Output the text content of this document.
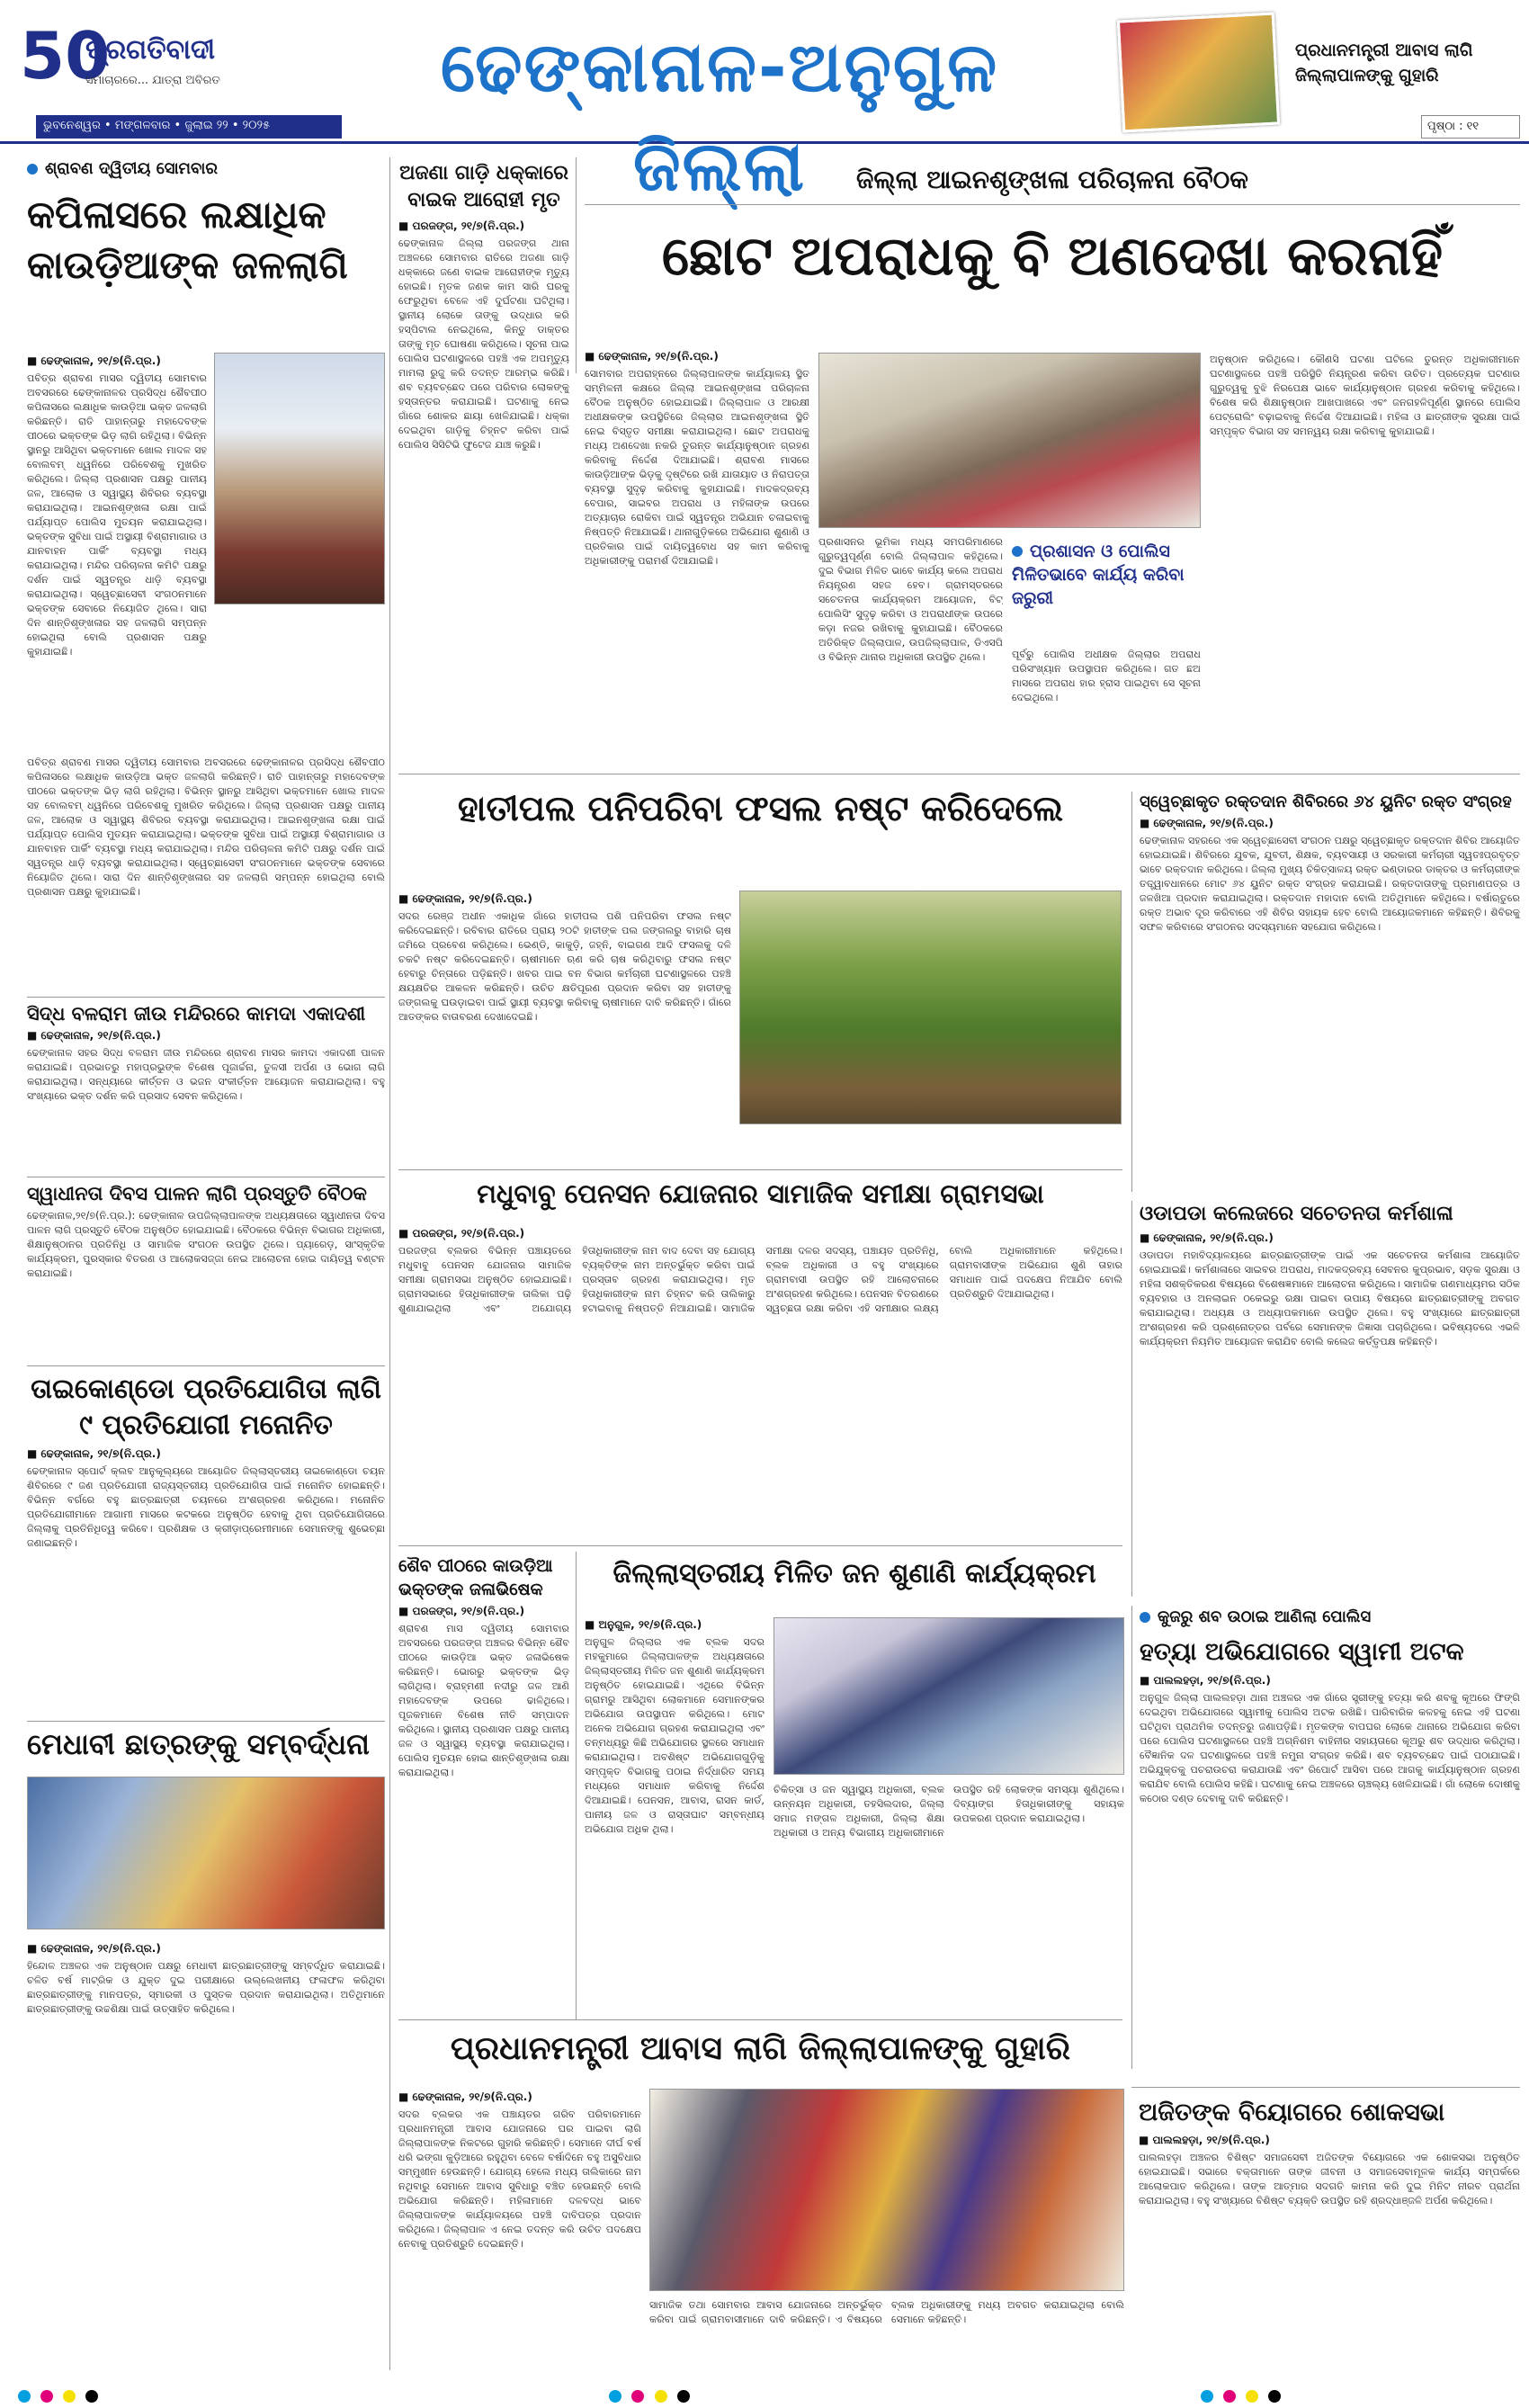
50
ପ୍ରଗତିବାଦୀ
ସମାଚାରରେ... ଯାତ୍ରା ଅବିରତ
ଭୁବନେଶ୍ୱର • ମଙ୍ଗଳବାର • ଜୁଲାଇ ୨୨ • ୨୦୨୫
ଢେଙ୍କାନାଳ-ଅନୁଗୁଳ ଜିଲ୍ଲା
ପ୍ରଧାନମନ୍ତ୍ରୀ ଆବାସ ଲାଗି ଜିଲ୍ଲାପାଳଙ୍କୁ ଗୁହାରି
ପୃଷ୍ଠା : ୧୧
ଶ୍ରାବଣ ଦ୍ୱିତୀୟ ସୋମବାର
କପିଳାସରେ ଲକ୍ଷାଧିକ କାଉଡ଼ିଆଙ୍କ ଜଳଲାଗି
■ ଢେଙ୍କାନାଳ, ୨୧/୭(ନି.ପ୍ର.)
ପବିତ୍ର ଶ୍ରାବଣ ମାସର ଦ୍ୱିତୀୟ ସୋମବାର ଅବସରରେ ଢେଙ୍କାନାଳର ପ୍ରସିଦ୍ଧ ଶୈବପୀଠ କପିଳାସରେ ଲକ୍ଷାଧିକ କାଉଡ଼ିଆ ଭକ୍ତ ଜଳଲାଗି କରିଛନ୍ତି। ରାତି ପାହାନ୍ତାରୁ ମହାଦେବଙ୍କ ପୀଠରେ ଭକ୍ତଙ୍କ ଭିଡ଼ ଲାଗି ରହିଥିଲା। ବିଭିନ୍ନ ସ୍ଥାନରୁ ଆସିଥିବା ଭକ୍ତମାନେ ଖୋଲ ମାଦଳ ସହ ବୋଲବମ୍ ଧ୍ୱନିରେ ପରିବେଶକୁ ମୁଖରିତ କରିଥିଲେ। ଜିଲ୍ଲା ପ୍ରଶାସନ ପକ୍ଷରୁ ପାନୀୟ ଜଳ, ଆଲୋକ ଓ ସ୍ୱାସ୍ଥ୍ୟ ଶିବିରର ବ୍ୟବସ୍ଥା କରାଯାଇଥିଲା। ଆଇନଶୃଙ୍ଖଳା ରକ୍ଷା ପାଇଁ ପର୍ଯ୍ୟାପ୍ତ ପୋଲିସ ମୁତୟନ କରାଯାଇଥିଲା। ଭକ୍ତଙ୍କ ସୁବିଧା ପାଇଁ ଅସ୍ଥାୟୀ ବିଶ୍ରାମାଗାର ଓ ଯାନବାହନ ପାର୍କିଂ ବ୍ୟବସ୍ଥା ମଧ୍ୟ କରାଯାଇଥିଲା। ମନ୍ଦିର ପରିଚାଳନା କମିଟି ପକ୍ଷରୁ ଦର୍ଶନ ପାଇଁ ସ୍ୱତନ୍ତ୍ର ଧାଡ଼ି ବ୍ୟବସ୍ଥା କରାଯାଇଥିଲା। ସ୍ୱେଚ୍ଛାସେବୀ ସଂଗଠନମାନେ ଭକ୍ତଙ୍କ ସେବାରେ ନିୟୋଜିତ ଥିଲେ। ସାରା ଦିନ ଶାନ୍ତିଶୃଙ୍ଖଳାର ସହ ଜଳଲାଗି ସମ୍ପନ୍ନ ହୋଇଥିଲା ବୋଲି ପ୍ରଶାସନ ପକ୍ଷରୁ କୁହାଯାଇଛି।
ପବିତ୍ର ଶ୍ରାବଣ ମାସର ଦ୍ୱିତୀୟ ସୋମବାର ଅବସରରେ ଢେଙ୍କାନାଳର ପ୍ରସିଦ୍ଧ ଶୈବପୀଠ କପିଳାସରେ ଲକ୍ଷାଧିକ କାଉଡ଼ିଆ ଭକ୍ତ ଜଳଲାଗି କରିଛନ୍ତି। ରାତି ପାହାନ୍ତାରୁ ମହାଦେବଙ୍କ ପୀଠରେ ଭକ୍ତଙ୍କ ଭିଡ଼ ଲାଗି ରହିଥିଲା। ବିଭିନ୍ନ ସ୍ଥାନରୁ ଆସିଥିବା ଭକ୍ତମାନେ ଖୋଲ ମାଦଳ ସହ ବୋଲବମ୍ ଧ୍ୱନିରେ ପରିବେଶକୁ ମୁଖରିତ କରିଥିଲେ। ଜିଲ୍ଲା ପ୍ରଶାସନ ପକ୍ଷରୁ ପାନୀୟ ଜଳ, ଆଲୋକ ଓ ସ୍ୱାସ୍ଥ୍ୟ ଶିବିରର ବ୍ୟବସ୍ଥା କରାଯାଇଥିଲା। ଆଇନଶୃଙ୍ଖଳା ରକ୍ଷା ପାଇଁ ପର୍ଯ୍ୟାପ୍ତ ପୋଲିସ ମୁତୟନ କରାଯାଇଥିଲା। ଭକ୍ତଙ୍କ ସୁବିଧା ପାଇଁ ଅସ୍ଥାୟୀ ବିଶ୍ରାମାଗାର ଓ ଯାନବାହନ ପାର୍କିଂ ବ୍ୟବସ୍ଥା ମଧ୍ୟ କରାଯାଇଥିଲା। ମନ୍ଦିର ପରିଚାଳନା କମିଟି ପକ୍ଷରୁ ଦର୍ଶନ ପାଇଁ ସ୍ୱତନ୍ତ୍ର ଧାଡ଼ି ବ୍ୟବସ୍ଥା କରାଯାଇଥିଲା। ସ୍ୱେଚ୍ଛାସେବୀ ସଂଗଠନମାନେ ଭକ୍ତଙ୍କ ସେବାରେ ନିୟୋଜିତ ଥିଲେ। ସାରା ଦିନ ଶାନ୍ତିଶୃଙ୍ଖଳାର ସହ ଜଳଲାଗି ସମ୍ପନ୍ନ ହୋଇଥିଲା ବୋଲି ପ୍ରଶାସନ ପକ୍ଷରୁ କୁହାଯାଇଛି।
ସିଦ୍ଧ ବଳରାମ ଜୀଉ ମନ୍ଦିରରେ କାମଦା ଏକାଦଶୀ
■ ଢେଙ୍କାନାଳ, ୨୧/୭(ନି.ପ୍ର.)
ଢେଙ୍କାନାଳ ସହର ସିଦ୍ଧ ବଳରାମ ଜୀଉ ମନ୍ଦିରରେ ଶ୍ରାବଣ ମାସର କାମଦା ଏକାଦଶୀ ପାଳନ କରାଯାଇଛି। ପ୍ରଭାତରୁ ମହାପ୍ରଭୁଙ୍କ ବିଶେଷ ପୂଜାର୍ଚ୍ଚନା, ତୁଳସୀ ଅର୍ପଣ ଓ ଭୋଗ ଲାଗି କରାଯାଇଥିଲା। ସନ୍ଧ୍ୟାରେ କୀର୍ତ୍ତନ ଓ ଭଜନ ସଂକୀର୍ତ୍ତନ ଆୟୋଜନ କରାଯାଇଥିଲା। ବହୁ ସଂଖ୍ୟାରେ ଭକ୍ତ ଦର୍ଶନ କରି ପ୍ରସାଦ ସେବନ କରିଥିଲେ।
ସ୍ୱାଧୀନତା ଦିବସ ପାଳନ ଲାଗି ପ୍ରସ୍ତୁତି ବୈଠକ
ଢେଙ୍କାନାଳ,୨୧/୭(ନି.ପ୍ର.): ଢେଙ୍କାନାଳ ଉପଜିଲ୍ଲାପାଳଙ୍କ ଅଧ୍ୟକ୍ଷତାରେ ସ୍ୱାଧୀନତା ଦିବସ ପାଳନ ଲାଗି ପ୍ରସ୍ତୁତି ବୈଠକ ଅନୁଷ୍ଠିତ ହୋଇଯାଇଛି। ବୈଠକରେ ବିଭିନ୍ନ ବିଭାଗର ଅଧିକାରୀ, ଶିକ୍ଷାନୁଷ୍ଠାନର ପ୍ରତିନିଧି ଓ ସାମାଜିକ ସଂଗଠନ ଉପସ୍ଥିତ ଥିଲେ। ପ୍ୟାରେଡ଼, ସାଂସ୍କୃତିକ କାର୍ଯ୍ୟକ୍ରମ, ପୁରସ୍କାର ବିତରଣ ଓ ଆଲୋକସଜ୍ଜା ନେଇ ଆଲୋଚନା ହୋଇ ଦାୟିତ୍ୱ ବଣ୍ଟନ କରାଯାଇଛି।
ତାଇକୋଣ୍ଡୋ ପ୍ରତିଯୋଗିତା ଲାଗି ୯ ପ୍ରତିଯୋଗୀ ମନୋନିତ
■ ଢେଙ୍କାନାଳ, ୨୧/୭(ନି.ପ୍ର.)
ଢେଙ୍କାନାଳ ସ୍ପୋର୍ଟ କ୍ଲବ ଆନୁକୂଲ୍ୟରେ ଆୟୋଜିତ ଜିଲ୍ଲାସ୍ତରୀୟ ତାଇକୋଣ୍ଡୋ ଚୟନ ଶିବିରରେ ୯ ଜଣ ପ୍ରତିଯୋଗୀ ରାଜ୍ୟସ୍ତରୀୟ ପ୍ରତିଯୋଗିତା ପାଇଁ ମନୋନିତ ହୋଇଛନ୍ତି। ବିଭିନ୍ନ ବର୍ଗରେ ବହୁ ଛାତ୍ରଛାତ୍ରୀ ଚୟନରେ ଅଂଶଗ୍ରହଣ କରିଥିଲେ। ମନୋନିତ ପ୍ରତିଯୋଗୀମାନେ ଆଗାମୀ ମାସରେ କଟକରେ ଅନୁଷ୍ଠିତ ହେବାକୁ ଥିବା ପ୍ରତିଯୋଗିତାରେ ଜିଲ୍ଲାକୁ ପ୍ରତିନିଧିତ୍ୱ କରିବେ। ପ୍ରଶିକ୍ଷକ ଓ କ୍ରୀଡ଼ାପ୍ରେମୀମାନେ ସେମାନଙ୍କୁ ଶୁଭେଚ୍ଛା ଜଣାଇଛନ୍ତି।
ମେଧାବୀ ଛାତ୍ରଙ୍କୁ ସମ୍ବର୍ଦ୍ଧନା
■ ଢେଙ୍କାନାଳ, ୨୧/୭(ନି.ପ୍ର.)
ହିନ୍ଦୋଳ ଅଞ୍ଚଳର ଏକ ଅନୁଷ୍ଠାନ ପକ୍ଷରୁ ମେଧାବୀ ଛାତ୍ରଛାତ୍ରୀଙ୍କୁ ସମ୍ବର୍ଦ୍ଧିତ କରାଯାଇଛି। ଚଳିତ ବର୍ଷ ମାଟ୍ରିକ ଓ ଯୁକ୍ତ ଦୁଇ ପରୀକ୍ଷାରେ ଉଲ୍ଲେଖନୀୟ ଫଳାଫଳ କରିଥିବା ଛାତ୍ରଛାତ୍ରୀଙ୍କୁ ମାନପତ୍ର, ସ୍ମାରକୀ ଓ ପୁସ୍ତକ ପ୍ରଦାନ କରାଯାଇଥିଲା। ଅତିଥିମାନେ ଛାତ୍ରଛାତ୍ରୀଙ୍କୁ ଉଚ୍ଚଶିକ୍ଷା ପାଇଁ ଉତ୍ସାହିତ କରିଥିଲେ।
ଅଜଣା ଗାଡ଼ି ଧକ୍କାରେ ବାଇକ ଆରୋହୀ ମୃତ
■ ପରଜଙ୍ଗ, ୨୧/୭(ନି.ପ୍ର.)
ଢେଙ୍କାନାଳ ଜିଲ୍ଲା ପରଜଙ୍ଗ ଥାନା ଅଞ୍ଚଳରେ ସୋମବାର ରାତିରେ ଅଜଣା ଗାଡ଼ି ଧକ୍କାରେ ଜଣେ ବାଇକ ଆରୋହୀଙ୍କ ମୃତ୍ୟୁ ହୋଇଛି। ମୃତକ ଜଣକ କାମ ସାରି ଘରକୁ ଫେରୁଥିବା ବେଳେ ଏହି ଦୁର୍ଘଟଣା ଘଟିଥିଲା। ସ୍ଥାନୀୟ ଲୋକେ ତାଙ୍କୁ ଉଦ୍ଧାର କରି ହସ୍ପିଟାଲ ନେଇଥିଲେ, କିନ୍ତୁ ଡାକ୍ତର ତାଙ୍କୁ ମୃତ ଘୋଷଣା କରିଥିଲେ। ସୂଚନା ପାଇ ପୋଲିସ ଘଟଣାସ୍ଥଳରେ ପହଞ୍ଚି ଏକ ଅପମୃତ୍ୟୁ ମାମଲା ରୁଜୁ କରି ତଦନ୍ତ ଆରମ୍ଭ କରିଛି। ଶବ ବ୍ୟବଚ୍ଛେଦ ପରେ ପରିବାର ଲୋକଙ୍କୁ ହସ୍ତାନ୍ତର କରାଯାଇଛି। ଘଟଣାକୁ ନେଇ ଗାଁରେ ଶୋକର ଛାୟା ଖେଳିଯାଇଛି। ଧକ୍କା ଦେଇଥିବା ଗାଡ଼ିକୁ ଚିହ୍ନଟ କରିବା ପାଇଁ ପୋଲିସ ସିସିଟିଭି ଫୁଟେଜ ଯାଞ୍ଚ କରୁଛି।
ଜିଲ୍ଲା ଆଇନଶୃଙ୍ଖଳା ପରିଚାଳନା ବୈଠକ
ଛୋଟ ଅପରାଧକୁ ବି ଅଣଦେଖା କରନାହିଁ
■ ଢେଙ୍କାନାଳ, ୨୧/୭(ନି.ପ୍ର.)
ସୋମବାର ଅପରାହ୍ନରେ ଜିଲ୍ଲାପାଳଙ୍କ କାର୍ଯ୍ୟାଳୟ ସ୍ଥିତ ସମ୍ମିଳନୀ କକ୍ଷରେ ଜିଲ୍ଲା ଆଇନଶୃଙ୍ଖଳା ପରିଚାଳନା ବୈଠକ ଅନୁଷ୍ଠିତ ହୋଇଯାଇଛି। ଜିଲ୍ଲାପାଳ ଓ ଆରକ୍ଷୀ ଅଧୀକ୍ଷକଙ୍କ ଉପସ୍ଥିତିରେ ଜିଲ୍ଲାର ଆଇନଶୃଙ୍ଖଳା ସ୍ଥିତି ନେଇ ବିସ୍ତୃତ ସମୀକ୍ଷା କରାଯାଇଥିଲା। ଛୋଟ ଅପରାଧକୁ ମଧ୍ୟ ଅଣଦେଖା ନକରି ତୁରନ୍ତ କାର୍ଯ୍ୟାନୁଷ୍ଠାନ ଗ୍ରହଣ କରିବାକୁ ନିର୍ଦ୍ଦେଶ ଦିଆଯାଇଛି। ଶ୍ରାବଣ ମାସରେ କାଉଡ଼ିଆଙ୍କ ଭିଡ଼କୁ ଦୃଷ୍ଟିରେ ରଖି ଯାତାୟାତ ଓ ନିରାପତ୍ତା ବ୍ୟବସ୍ଥା ସୁଦୃଢ଼ କରିବାକୁ କୁହାଯାଇଛି। ମାଦକଦ୍ରବ୍ୟ ବେପାର, ସାଇବର ଅପରାଧ ଓ ମହିଳାଙ୍କ ଉପରେ ଅତ୍ୟାଚାର ରୋକିବା ପାଇଁ ସ୍ୱତନ୍ତ୍ର ଅଭିଯାନ ଚଳାଇବାକୁ ନିଷ୍ପତ୍ତି ନିଆଯାଇଛି। ଥାନାଗୁଡ଼ିକରେ ଅଭିଯୋଗ ଶୁଣାଣି ଓ ପ୍ରତିକାର ପାଇଁ ଦାୟିତ୍ୱବୋଧ ସହ କାମ କରିବାକୁ ଅଧିକାରୀଙ୍କୁ ପରାମର୍ଶ ଦିଆଯାଇଛି।
ପ୍ରଶାସନର ଭୂମିକା ମଧ୍ୟ ସମପରିମାଣରେ ଗୁରୁତ୍ୱପୂର୍ଣ୍ଣ ବୋଲି ଜିଲ୍ଲାପାଳ କହିଥିଲେ। ଦୁଇ ବିଭାଗ ମିଳିତ ଭାବେ କାର୍ଯ୍ୟ କଲେ ଅପରାଧ ନିୟନ୍ତ୍ରଣ ସହଜ ହେବ। ଗ୍ରାମସ୍ତରରେ ସଚେତନତା କାର୍ଯ୍ୟକ୍ରମ ଆୟୋଜନ, ବିଟ୍ ପୋଲିସିଂ ସୁଦୃଢ଼ କରିବା ଓ ଅପରାଧୀଙ୍କ ଉପରେ କଡ଼ା ନଜର ରଖିବାକୁ କୁହାଯାଇଛି। ବୈଠକରେ ଅତିରିକ୍ତ ଜିଲ୍ଲାପାଳ, ଉପଜିଲ୍ଲାପାଳ, ଡିଏସପି ଓ ବିଭିନ୍ନ ଥାନାର ଅଧିକାରୀ ଉପସ୍ଥିତ ଥିଲେ।
ପ୍ରଶାସନ ଓ ପୋଲିସ ମିଳିତଭାବେ କାର୍ଯ୍ୟ କରିବା ଜରୁରୀ
ପୂର୍ବରୁ ପୋଲିସ ଅଧୀକ୍ଷକ ଜିଲ୍ଲାର ଅପରାଧ ପରିସଂଖ୍ୟାନ ଉପସ୍ଥାପନ କରିଥିଲେ। ଗତ ଛଅ ମାସରେ ଅପରାଧ ହାର ହ୍ରାସ ପାଇଥିବା ସେ ସୂଚନା ଦେଇଥିଲେ।
ଅନୁଷ୍ଠାନ କରିଥିଲେ। କୌଣସି ଘଟଣା ଘଟିଲେ ତୁରନ୍ତ ଅଧିକାରୀମାନେ ଘଟଣାସ୍ଥଳରେ ପହଞ୍ଚି ପରିସ୍ଥିତି ନିୟନ୍ତ୍ରଣ କରିବା ଉଚିତ। ପ୍ରତ୍ୟେକ ଘଟଣାର ଗୁରୁତ୍ୱକୁ ବୁଝି ନିରପେକ୍ଷ ଭାବେ କାର୍ଯ୍ୟାନୁଷ୍ଠାନ ଗ୍ରହଣ କରିବାକୁ କହିଥିଲେ। ବିଶେଷ କରି ଶିକ୍ଷାନୁଷ୍ଠାନ ଆଖପାଖରେ ଏବଂ ଜନଗହଳିପୂର୍ଣ୍ଣ ସ୍ଥାନରେ ପୋଲିସ ପେଟ୍ରୋଲିଂ ବଢ଼ାଇବାକୁ ନିର୍ଦ୍ଦେଶ ଦିଆଯାଇଛି। ମହିଳା ଓ ଛାତ୍ରୀଙ୍କ ସୁରକ୍ଷା ପାଇଁ ସମ୍ପୃକ୍ତ ବିଭାଗ ସହ ସମନ୍ୱୟ ରକ୍ଷା କରିବାକୁ କୁହାଯାଇଛି।
ହାତୀପଲ ପନିପରିବା ଫସଲ ନଷ୍ଟ କରିଦେଲେ
■ ଢେଙ୍କାନାଳ, ୨୧/୭(ନି.ପ୍ର.)
ସଦର ରେଞ୍ଜ ଅଧୀନ ଏକାଧିକ ଗାଁରେ ହାତୀପଲ ପଶି ପନିପରିବା ଫସଲ ନଷ୍ଟ କରିଦେଇଛନ୍ତି। ରବିବାର ରାତିରେ ପ୍ରାୟ ୨୦ଟି ହାତୀଙ୍କ ପଲ ଜଙ୍ଗଲରୁ ବାହାରି ଚାଷ ଜମିରେ ପ୍ରବେଶ କରିଥିଲେ। ଭେଣ୍ଡି, କାକୁଡ଼ି, ଜହ୍ନି, ବାଇଗଣ ଆଦି ଫସଲକୁ ଦଳି ଚକଟି ନଷ୍ଟ କରିଦେଇଛନ୍ତି। ଚାଷୀମାନେ ଋଣ କରି ଚାଷ କରିଥିବାରୁ ଫସଲ ନଷ୍ଟ ହେବାରୁ ଚିନ୍ତାରେ ପଡ଼ିଛନ୍ତି। ଖବର ପାଇ ବନ ବିଭାଗ କର୍ମଚାରୀ ଘଟଣାସ୍ଥଳରେ ପହଞ୍ଚି କ୍ଷୟକ୍ଷତିର ଆକଳନ କରିଛନ୍ତି। ଉଚିତ କ୍ଷତିପୂରଣ ପ୍ରଦାନ କରିବା ସହ ହାତୀଙ୍କୁ ଜଙ୍ଗଲକୁ ଘଉଡ଼ାଇବା ପାଇଁ ସ୍ଥାୟୀ ବ୍ୟବସ୍ଥା କରିବାକୁ ଚାଷୀମାନେ ଦାବି କରିଛନ୍ତି। ଗାଁରେ ଆତଙ୍କର ବାତାବରଣ ଦେଖାଦେଇଛି।
ସ୍ୱେଚ୍ଛାକୃତ ରକ୍ତଦାନ ଶିବିରରେ ୬୪ ୟୁନିଟ ରକ୍ତ ସଂଗ୍ରହ
■ ଢେଙ୍କାନାଳ, ୨୧/୭(ନି.ପ୍ର.)
ଢେଙ୍କାନାଳ ସହରରେ ଏକ ସ୍ୱେଚ୍ଛାସେବୀ ସଂଗଠନ ପକ୍ଷରୁ ସ୍ୱେଚ୍ଛାକୃତ ରକ୍ତଦାନ ଶିବିର ଆୟୋଜିତ ହୋଇଯାଇଛି। ଶିବିରରେ ଯୁବକ, ଯୁବତୀ, ଶିକ୍ଷକ, ବ୍ୟବସାୟୀ ଓ ସରକାରୀ କର୍ମଚାରୀ ସ୍ୱତଃପ୍ରବୃତ୍ତ ଭାବେ ରକ୍ତଦାନ କରିଥିଲେ। ଜିଲ୍ଲା ମୁଖ୍ୟ ଚିକିତ୍ସାଳୟ ରକ୍ତ ଭଣ୍ଡାରର ଡାକ୍ତର ଓ କର୍ମଚାରୀଙ୍କ ତତ୍ତ୍ୱାବଧାନରେ ମୋଟ ୬୪ ୟୁନିଟ ରକ୍ତ ସଂଗ୍ରହ କରାଯାଇଛି। ରକ୍ତଦାତାଙ୍କୁ ପ୍ରମାଣପତ୍ର ଓ ଜଳଖିଆ ପ୍ରଦାନ କରାଯାଇଥିଲା। ରକ୍ତଦାନ ମହାଦାନ ବୋଲି ଅତିଥିମାନେ କହିଥିଲେ। ବର୍ଷାଋତୁରେ ରକ୍ତ ଅଭାବ ଦୂର କରିବାରେ ଏହି ଶିବିର ସହାୟକ ହେବ ବୋଲି ଆୟୋଜକମାନେ କହିଛନ୍ତି। ଶିବିରକୁ ସଫଳ କରିବାରେ ସଂଗଠନର ସଦସ୍ୟମାନେ ସହଯୋଗ କରିଥିଲେ।
ମଧୁବାବୁ ପେନସନ ଯୋଜନାର ସାମାଜିକ ସମୀକ୍ଷା ଗ୍ରାମସଭା
■ ପରଜଙ୍ଗ, ୨୧/୭(ନି.ପ୍ର.)
ପରଜଙ୍ଗ ବ୍ଲକର ବିଭିନ୍ନ ପଞ୍ଚାୟତରେ ମଧୁବାବୁ ପେନସନ ଯୋଜନାର ସାମାଜିକ ସମୀକ୍ଷା ଗ୍ରାମସଭା ଅନୁଷ୍ଠିତ ହୋଇଯାଇଛି। ଗ୍ରାମସଭାରେ ହିତାଧିକାରୀଙ୍କ ତାଲିକା ପଢ଼ି ଶୁଣାଯାଇଥିଲା ଏବଂ ଅଯୋଗ୍ୟ ହିତାଧିକାରୀଙ୍କ ନାମ ବାଦ ଦେବା ସହ ଯୋଗ୍ୟ ବ୍ୟକ୍ତିଙ୍କ ନାମ ଅନ୍ତର୍ଭୁକ୍ତ କରିବା ପାଇଁ ପ୍ରସ୍ତାବ ଗ୍ରହଣ କରାଯାଇଥିଲା। ମୃତ ହିତାଧିକାରୀଙ୍କ ନାମ ଚିହ୍ନଟ କରି ତାଲିକାରୁ ହଟାଇବାକୁ ନିଷ୍ପତ୍ତି ନିଆଯାଇଛି। ସାମାଜିକ ସମୀକ୍ଷା ଦଳର ସଦସ୍ୟ, ପଞ୍ଚାୟତ ପ୍ରତିନିଧି, ବ୍ଲକ ଅଧିକାରୀ ଓ ବହୁ ସଂଖ୍ୟାରେ ଗ୍ରାମବାସୀ ଉପସ୍ଥିତ ରହି ଆଲୋଚନାରେ ଅଂଶଗ୍ରହଣ କରିଥିଲେ। ପେନସନ ବିତରଣରେ ସ୍ୱଚ୍ଛତା ରକ୍ଷା କରିବା ଏହି ସମୀକ୍ଷାର ଲକ୍ଷ୍ୟ ବୋଲି ଅଧିକାରୀମାନେ କହିଥିଲେ। ଗ୍ରାମବାସୀଙ୍କ ଅଭିଯୋଗ ଶୁଣି ତାହାର ସମାଧାନ ପାଇଁ ପଦକ୍ଷେପ ନିଆଯିବ ବୋଲି ପ୍ରତିଶ୍ରୁତି ଦିଆଯାଇଥିଲା।
ଓଡାପଡା କଲେଜରେ ସଚେତନତା କର୍ମଶାଳା
■ ଢେଙ୍କାନାଳ, ୨୧/୭(ନି.ପ୍ର.)
ଓଡାପଡା ମହାବିଦ୍ୟାଳୟରେ ଛାତ୍ରଛାତ୍ରୀଙ୍କ ପାଇଁ ଏକ ସଚେତନତା କର୍ମଶାଳା ଆୟୋଜିତ ହୋଇଯାଇଛି। କର୍ମଶାଳାରେ ସାଇବର ଅପରାଧ, ମାଦକଦ୍ରବ୍ୟ ସେବନର କୁପ୍ରଭାବ, ସଡ଼କ ସୁରକ୍ଷା ଓ ମହିଳା ସଶକ୍ତିକରଣ ବିଷୟରେ ବିଶେଷଜ୍ଞମାନେ ଆଲୋଚନା କରିଥିଲେ। ସାମାଜିକ ଗଣମାଧ୍ୟମର ସଠିକ ବ୍ୟବହାର ଓ ଅନଲାଇନ ଠକେଇରୁ ରକ୍ଷା ପାଇବା ଉପାୟ ବିଷୟରେ ଛାତ୍ରଛାତ୍ରୀଙ୍କୁ ଅବଗତ କରାଯାଇଥିଲା। ଅଧ୍ୟକ୍ଷ ଓ ଅଧ୍ୟାପକମାନେ ଉପସ୍ଥିତ ଥିଲେ। ବହୁ ସଂଖ୍ୟାରେ ଛାତ୍ରଛାତ୍ରୀ ଅଂଶଗ୍ରହଣ କରି ପ୍ରଶ୍ନୋତ୍ତର ପର୍ବରେ ସେମାନଙ୍କ ଜିଜ୍ଞାସା ପଚାରିଥିଲେ। ଭବିଷ୍ୟତରେ ଏଭଳି କାର୍ଯ୍ୟକ୍ରମ ନିୟମିତ ଆୟୋଜନ କରାଯିବ ବୋଲି କଲେଜ କର୍ତ୍ତୃପକ୍ଷ କହିଛନ୍ତି।
ଶୈବ ପୀଠରେ କାଉଡ଼ିଆ ଭକ୍ତଙ୍କ ଜଳାଭିଷେକ
■ ପରଜଙ୍ଗ, ୨୧/୭(ନି.ପ୍ର.)
ଶ୍ରାବଣ ମାସ ଦ୍ୱିତୀୟ ସୋମବାର ଅବସରରେ ପରଜଙ୍ଗ ଅଞ୍ଚଳର ବିଭିନ୍ନ ଶୈବ ପୀଠରେ କାଉଡ଼ିଆ ଭକ୍ତ ଜଳାଭିଷେକ କରିଛନ୍ତି। ଭୋରରୁ ଭକ୍ତଙ୍କ ଭିଡ଼ ଲାଗିଥିଲା। ବ୍ରାହ୍ମଣୀ ନଦୀରୁ ଜଳ ଆଣି ମହାଦେବଙ୍କ ଉପରେ ଢାଳିଥିଲେ। ପୂଜକମାନେ ବିଶେଷ ନୀତି ସମ୍ପାଦନ କରିଥିଲେ। ସ୍ଥାନୀୟ ପ୍ରଶାସନ ପକ୍ଷରୁ ପାନୀୟ ଜଳ ଓ ସ୍ୱାସ୍ଥ୍ୟ ବ୍ୟବସ୍ଥା କରାଯାଇଥିଲା। ପୋଲିସ ମୁତୟନ ହୋଇ ଶାନ୍ତିଶୃଙ୍ଖଳା ରକ୍ଷା କରାଯାଇଥିଲା।
ଜିଲ୍ଲାସ୍ତରୀୟ ମିଳିତ ଜନ ଶୁଣାଣି କାର୍ଯ୍ୟକ୍ରମ
■ ଅନୁଗୁଳ, ୨୧/୭(ନି.ପ୍ର.)
ଅନୁଗୁଳ ଜିଲ୍ଲାର ଏକ ବ୍ଲକ ସଦର ମହକୁମାରେ ଜିଲ୍ଲାପାଳଙ୍କ ଅଧ୍ୟକ୍ଷତାରେ ଜିଲ୍ଲାସ୍ତରୀୟ ମିଳିତ ଜନ ଶୁଣାଣି କାର୍ଯ୍ୟକ୍ରମ ଅନୁଷ୍ଠିତ ହୋଇଯାଇଛି। ଏଥିରେ ବିଭିନ୍ନ ଗ୍ରାମରୁ ଆସିଥିବା ଲୋକମାନେ ସେମାନଙ୍କର ଅଭିଯୋଗ ଉପସ୍ଥାପନ କରିଥିଲେ। ମୋଟ ଅନେକ ଅଭିଯୋଗ ଗ୍ରହଣ କରାଯାଇଥିଲା ଏବଂ ତନ୍ମଧ୍ୟରୁ କିଛି ଅଭିଯୋଗର ସ୍ଥଳରେ ସମାଧାନ କରାଯାଇଥିଲା। ଅବଶିଷ୍ଟ ଅଭିଯୋଗଗୁଡ଼ିକୁ ସମ୍ପୃକ୍ତ ବିଭାଗକୁ ପଠାଇ ନିର୍ଦ୍ଧାରିତ ସମୟ ମଧ୍ୟରେ ସମାଧାନ କରିବାକୁ ନିର୍ଦ୍ଦେଶ ଦିଆଯାଇଛି। ପେନସନ, ଆବାସ, ରାସନ କାର୍ଡ, ପାନୀୟ ଜଳ ଓ ରାସ୍ତାଘାଟ ସମ୍ବନ୍ଧୀୟ ଅଭିଯୋଗ ଅଧିକ ଥିଲା।
ଚିକିତ୍ସା ଓ ଜନ ସ୍ୱାସ୍ଥ୍ୟ ଅଧିକାରୀ, ବ୍ଲକ ଉନ୍ନୟନ ଅଧିକାରୀ, ତହସିଲଦାର, ଜିଲ୍ଲା ସମାଜ ମଙ୍ଗଳ ଅଧିକାରୀ, ଜିଲ୍ଲା ଶିକ୍ଷା ଅଧିକାରୀ ଓ ଅନ୍ୟ ବିଭାଗୀୟ ଅଧିକାରୀମାନେ ଉପସ୍ଥିତ ରହି ଲୋକଙ୍କ ସମସ୍ୟା ଶୁଣିଥିଲେ। ଦିବ୍ୟାଙ୍ଗ ହିତାଧିକାରୀଙ୍କୁ ସହାୟକ ଉପକରଣ ପ୍ରଦାନ କରାଯାଇଥିଲା।
କୁଜରୁ ଶବ ଉଠାଇ ଆଣିଲା ପୋଲିସ
ହତ୍ୟା ଅଭିଯୋଗରେ ସ୍ୱାମୀ ଅଟକ
■ ପାଲଲହଡ଼ା, ୨୧/୭(ନି.ପ୍ର.)
ଅନୁଗୁଳ ଜିଲ୍ଲା ପାଲଲହଡ଼ା ଥାନା ଅଞ୍ଚଳର ଏକ ଗାଁରେ ସ୍ତ୍ରୀଙ୍କୁ ହତ୍ୟା କରି ଶବକୁ କୂଅରେ ଫିଙ୍ଗି ଦେଇଥିବା ଅଭିଯୋଗରେ ସ୍ୱାମୀକୁ ପୋଲିସ ଅଟକ ରଖିଛି। ପାରିବାରିକ କଳହକୁ ନେଇ ଏହି ଘଟଣା ଘଟିଥିବା ପ୍ରାଥମିକ ତଦନ୍ତରୁ ଜଣାପଡ଼ିଛି। ମୃତକଙ୍କ ବାପଘର ଲୋକେ ଥାନାରେ ଅଭିଯୋଗ କରିବା ପରେ ପୋଲିସ ଘଟଣାସ୍ଥଳରେ ପହଞ୍ଚି ଅଗ୍ନିଶମ ବାହିନୀର ସହାୟତାରେ କୂଅରୁ ଶବ ଉଦ୍ଧାର କରିଥିଲା। ବୈଜ୍ଞାନିକ ଦଳ ଘଟଣାସ୍ଥଳରେ ପହଞ୍ଚି ନମୁନା ସଂଗ୍ରହ କରିଛି। ଶବ ବ୍ୟବଚ୍ଛେଦ ପାଇଁ ପଠାଯାଇଛି। ଅଭିଯୁକ୍ତକୁ ପଚରାଉଚରା କରାଯାଉଛି ଏବଂ ରିପୋର୍ଟ ଆସିବା ପରେ ଆଗକୁ କାର୍ଯ୍ୟାନୁଷ୍ଠାନ ଗ୍ରହଣ କରାଯିବ ବୋଲି ପୋଲିସ କହିଛି। ଘଟଣାକୁ ନେଇ ଅଞ୍ଚଳରେ ଚାଞ୍ଚଲ୍ୟ ଖେଳିଯାଇଛି। ଗାଁ ଲୋକେ ଦୋଷୀକୁ କଠୋର ଦଣ୍ଡ ଦେବାକୁ ଦାବି କରିଛନ୍ତି।
ଅଜିତଙ୍କ ବିୟୋଗରେ ଶୋକସଭା
■ ପାଲଲହଡ଼ା, ୨୧/୭(ନି.ପ୍ର.)
ପାଲଲହଡ଼ା ଅଞ୍ଚଳର ବିଶିଷ୍ଟ ସମାଜସେବୀ ଅଜିତଙ୍କ ବିୟୋଗରେ ଏକ ଶୋକସଭା ଅନୁଷ୍ଠିତ ହୋଇଯାଇଛି। ସଭାରେ ବକ୍ତାମାନେ ତାଙ୍କ ଜୀବନୀ ଓ ସମାଜସେବାମୂଳକ କାର୍ଯ୍ୟ ସମ୍ପର୍କରେ ଆଲୋକପାତ କରିଥିଲେ। ତାଙ୍କ ଆତ୍ମାର ସଦଗତି କାମନା କରି ଦୁଇ ମିନିଟ ନୀରବ ପ୍ରାର୍ଥନା କରାଯାଇଥିଲା। ବହୁ ସଂଖ୍ୟାରେ ବିଶିଷ୍ଟ ବ୍ୟକ୍ତି ଉପସ୍ଥିତ ରହି ଶ୍ରଦ୍ଧାଞ୍ଜଳି ଅର୍ପଣ କରିଥିଲେ।
ପ୍ରଧାନମନ୍ତ୍ରୀ ଆବାସ ଲାଗି ଜିଲ୍ଲାପାଳଙ୍କୁ ଗୁହାରି
■ ଢେଙ୍କାନାଳ, ୨୧/୭(ନି.ପ୍ର.)
ସଦର ବ୍ଲକର ଏକ ପଞ୍ଚାୟତର ଗରିବ ପରିବାରମାନେ ପ୍ରଧାନମନ୍ତ୍ରୀ ଆବାସ ଯୋଜନାରେ ଘର ପାଇବା ଲାଗି ଜିଲ୍ଲାପାଳଙ୍କ ନିକଟରେ ଗୁହାରି କରିଛନ୍ତି। ସେମାନେ ଦୀର୍ଘ ବର୍ଷ ଧରି ଭଙ୍ଗା କୁଡ଼ିଆରେ ରହୁଥିବା ବେଳେ ବର୍ଷାଦିନେ ବହୁ ଅସୁବିଧାର ସମ୍ମୁଖୀନ ହେଉଛନ୍ତି। ଯୋଗ୍ୟ ହେଲେ ମଧ୍ୟ ତାଲିକାରେ ନାମ ନଥିବାରୁ ସେମାନେ ଆବାସ ସୁବିଧାରୁ ବଞ୍ଚିତ ହେଉଛନ୍ତି ବୋଲି ଅଭିଯୋଗ କରିଛନ୍ତି। ମହିଳାମାନେ ଦଳବଦ୍ଧ ଭାବେ ଜିଲ୍ଲାପାଳଙ୍କ କାର୍ଯ୍ୟାଳୟରେ ପହଞ୍ଚି ଦାବିପତ୍ର ପ୍ରଦାନ କରିଥିଲେ। ଜିଲ୍ଲାପାଳ ଏ ନେଇ ତଦନ୍ତ କରି ଉଚିତ ପଦକ୍ଷେପ ନେବାକୁ ପ୍ରତିଶ୍ରୁତି ଦେଇଛନ୍ତି।
ସାମାଜିକ ତଥା ସୋମବାର ଆବାସ ଯୋଜନାରେ ଅନ୍ତର୍ଭୁକ୍ତ କରିବା ପାଇଁ ଗ୍ରାମବାସୀମାନେ ଦାବି କରିଛନ୍ତି। ଏ ବିଷୟରେ ବ୍ଲକ ଅଧିକାରୀଙ୍କୁ ମଧ୍ୟ ଅବଗତ କରାଯାଇଥିଲା ବୋଲି ସେମାନେ କହିଛନ୍ତି।
